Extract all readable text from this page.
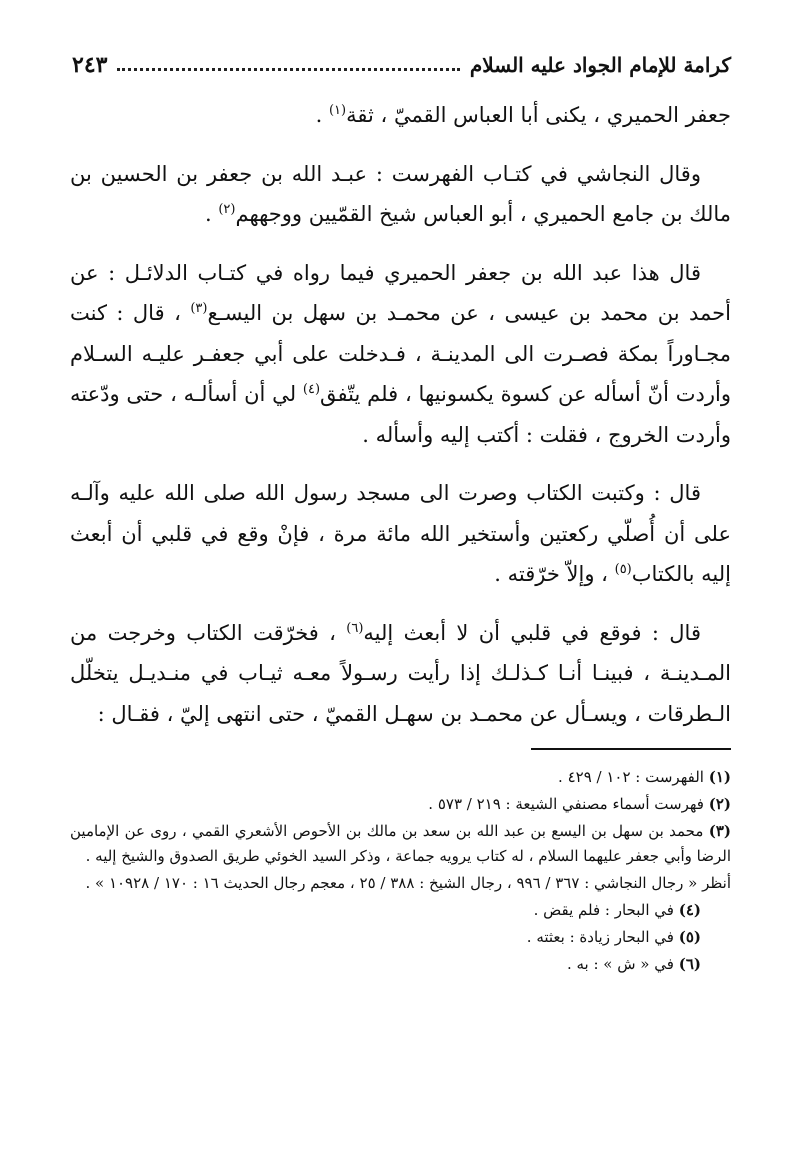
كرامة للإمام الجواد عليه السلام
٢٤٣

جعفر الحميري ، يكنى أبا العباس القميّ ، ثقة$^{(١)}$ .

وقال النجاشي في كتـاب الفهرست : عبـد الله بن جعفر بن الحسين بن مالك بن جامع الحميري ، أبو العباس شيخ القمّيين ووجههم$^{(٢)}$ .

قال هذا عبد الله بن جعفر الحميري فيما رواه في كتـاب الدلائـل : عن أحمد بن محمد بن عيسى ، عن محمـد بن سهل بن اليسـع$^{(٣)}$ ، قال : كنت مجـاوراً بمكة فصـرت الى المدينـة ، فـدخلت على أبي جعفـر عليـه السـلام وأردت أنّ أسأله عن كسوة يكسونيها ، فلم يتّفق$^{(٤)}$ لي أن أسألـه ، حتى ودّعته وأردت الخروج ، فقلت : أكتب إليه وأسأله .

قال : وكتبت الكتاب وصرت الى مسجد رسول الله صلى الله عليه وآلـه على أن أُصلّي ركعتين وأستخير الله مائة مرة ، فإنْ وقع في قلبي أن أبعث إليه بالكتاب$^{(٥)}$ ، وإلاّ خرّقته .

قال : فوقع في قلبي أن لا أبعث إليه$^{(٦)}$ ، فخرّقت الكتاب وخرجت من المـدينـة ، فبينـا أنـا كـذلـك إذا رأيت رسـولاً معـه ثيـاب في منـديـل يتخلّل الـطرقات ، ويسـأل عن محمـد بن سهـل القميّ ، حتى انتهى إليّ ، فقـال :

(١) الفهرست : ١٠٢ / ٤٢٩ .
(٢) فهرست أسماء مصنفي الشيعة : ٢١٩ / ٥٧٣ .
(٣) محمد بن سهل بن اليسع بن عبد الله بن سعد بن مالك بن الأحوص الأشعري القمي ، روى عن الإمامين الرضا وأبي جعفر عليهما السلام ، له كتاب يرويه جماعة ، وذكر السيد الخوئي طريق الصدوق والشيخ إليه .
أنظر « رجال النجاشي : ٣٦٧ / ٩٩٦ ، رجال الشيخ : ٣٨٨ / ٢٥ ، معجم رجال الحديث ١٦ : ١٧٠ / ١٠٩٢٨ » .
(٤) في البحار : فلم يقض .
(٥) في البحار زيادة : بعثته .
(٦) في « ش » : به .
